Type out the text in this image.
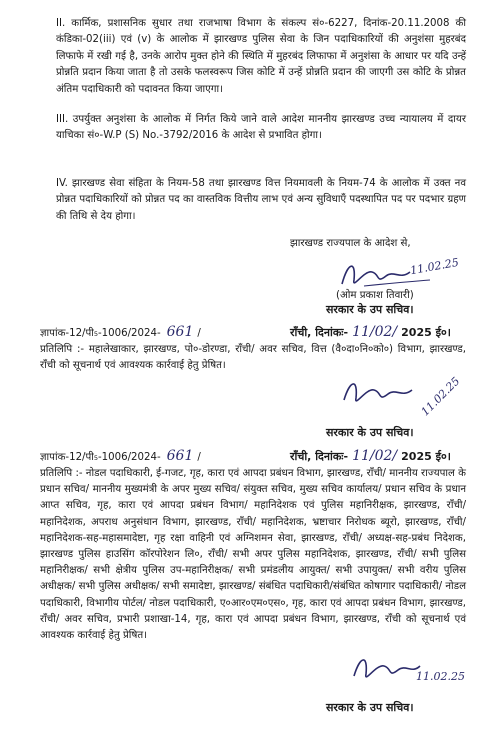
II. कार्मिक, प्रशासनिक सुधार तथा राजभाषा विभाग के संकल्प सं०-6227, दिनांक-20.11.2008 की कंडिका-02(iii) एवं (v) के आलोक में झारखण्ड पुलिस सेवा के जिन पदाधिकारियों की अनुशंसा मुहरबंद लिफाफे में रखी गई है, उनके आरोप मुक्त होने की स्थिति में मुहरबंद लिफाफा में अनुशंसा के आधार पर यदि उन्हें प्रोन्नति प्रदान किया जाता है तो उसके फलस्वरूप जिस कोटि में उन्हें प्रोन्नति प्रदान की जाएगी उस कोटि के प्रोन्नत अंतिम पदाधिकारी को पदावनत किया जाएगा।

III. उपर्युक्त अनुशंसा के आलोक में निर्गत किये जाने वाले आदेश माननीय झारखण्ड उच्च न्यायालय में दायर याचिका सं०-W.P (S) No.-3792/2016 के आदेश से प्रभावित होगा।

IV. झारखण्ड सेवा संहिता के नियम-58 तथा झारखण्ड वित्त नियमावली के नियम-74 के आलोक में उक्त नव प्रोन्नत पदाधिकारियों को प्रोन्नत पद का वास्तविक वित्तीय लाभ एवं अन्य सुविधाएँ पदस्थापित पद पर पदभार ग्रहण की तिथि से देय होगा।

झारखण्ड राज्यपाल के आदेश से,
11.02.25
(ओम प्रकाश तिवारी)
सरकार के उप सचिव।
ज्ञापांक-12/पी₅-1006/2024- 661 /	राँची, दिनांकः- 11/02/ 2025 ई०।

प्रतिलिपि :- महालेखाकार, झारखण्ड, पो०-डोरण्डा, राँची/ अवर सचिव, वित्त (वै०दा०नि०को०) विभाग, झारखण्ड, राँची को सूचनार्थ एवं आवश्यक कार्रवाई हेतु प्रेषित।

11.02.25
सरकार के उप सचिव।
ज्ञापांक-12/पी₅-1006/2024- 661 /	राँची, दिनांकः- 11/02/ 2025 ई०।

प्रतिलिपि :- नोडल पदाधिकारी, ई-गजट, गृह, कारा एवं आपदा प्रबंधन विभाग, झारखण्ड, राँची/ माननीय राज्यपाल के प्रधान सचिव/ माननीय मुख्यमंत्री के अपर मुख्य सचिव/ संयुक्त सचिव, मुख्य सचिव कार्यालय/ प्रधान सचिव के प्रधान आप्त सचिव, गृह, कारा एवं आपदा प्रबंधन विभाग/ महानिदेशक एवं पुलिस महानिरीक्षक, झारखण्ड, राँची/ महानिदेशक, अपराध अनुसंधान विभाग, झारखण्ड, राँची/ महानिदेशक, भ्रष्टाचार निरोधक ब्यूरो, झारखण्ड, राँची/ महानिदेशक-सह-महासमादेष्टा, गृह रक्षा वाहिनी एवं अग्निशमन सेवा, झारखण्ड, राँची/ अध्यक्ष-सह-प्रबंध निदेशक, झारखण्ड पुलिस हाउसिंग कॉरपोरेशन लि०, राँची/ सभी अपर पुलिस महानिदेशक, झारखण्ड, राँची/ सभी पुलिस महानिरीक्षक/ सभी क्षेत्रीय पुलिस उप-महानिरीक्षक/ सभी प्रमंडलीय आयुक्त/ सभी उपायुक्त/ सभी वरीय पुलिस अधीक्षक/ सभी पुलिस अधीक्षक/ सभी समादेष्टा, झारखण्ड/ संबंधित पदाधिकारी/संबंधित कोषागार पदाधिकारी/ नोडल पदाधिकारी, विभागीय पोर्टल/ नोडल पदाधिकारी, ए०आर०एम०एस०, गृह, कारा एवं आपदा प्रबंधन विभाग, झारखण्ड, राँची/ अवर सचिव, प्रभारी प्रशाखा-14, गृह, कारा एवं आपदा प्रबंधन विभाग, झारखण्ड, राँची को सूचनार्थ एवं आवश्यक कार्रवाई हेतु प्रेषित।

11.02.25
सरकार के उप सचिव।
